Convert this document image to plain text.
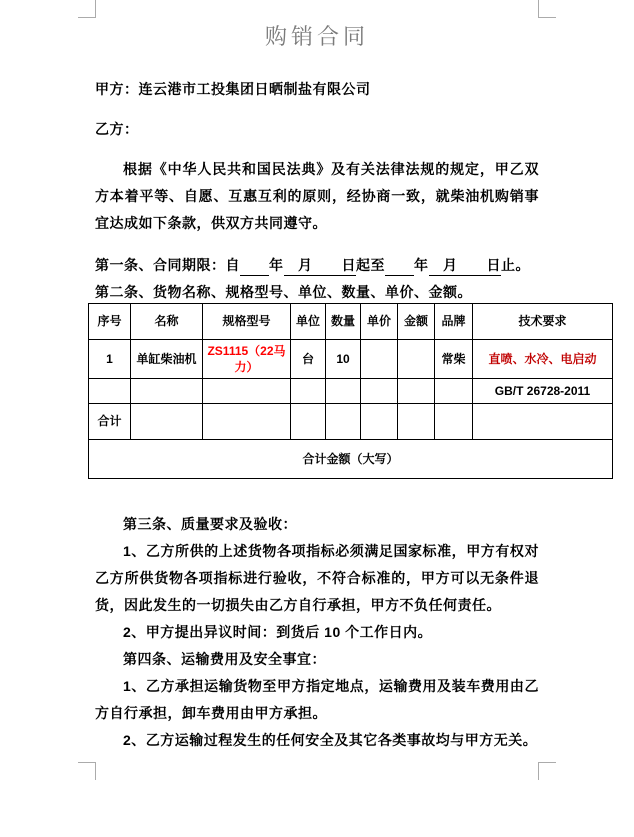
购销合同

甲方：连云港市工投集团日晒制盐有限公司

乙方：

根据《中华人民共和国民法典》及有关法律法规的规定，甲乙双方本着平等、自愿、互惠互利的原则，经协商一致，就柴油机购销事宜达成如下条款，供双方共同遵守。

第一条、合同期限：自　　 年　月　　日起至　　 年　月　　日止。

第二条、货物名称、规格型号、单位、数量、单价、金额。

序号	名称	规格型号	单位	数量	单价	金额	品牌	技术要求
1	单缸柴油机	ZS1115（22马力）	台	10			常柴	直喷、水冷、电启动
								GB/T 26728-2011
合计								
合计金额（大写）								

第三条、质量要求及验收：

1、乙方所供的上述货物各项指标必须满足国家标准，甲方有权对乙方所供货物各项指标进行验收，不符合标准的，甲方可以无条件退货，因此发生的一切损失由乙方自行承担，甲方不负任何责任。

2、甲方提出异议时间：到货后 10 个工作日内。

第四条、运输费用及安全事宜：

1、乙方承担运输货物至甲方指定地点，运输费用及装车费用由乙方自行承担，卸车费用由甲方承担。

2、乙方运输过程发生的任何安全及其它各类事故均与甲方无关。
